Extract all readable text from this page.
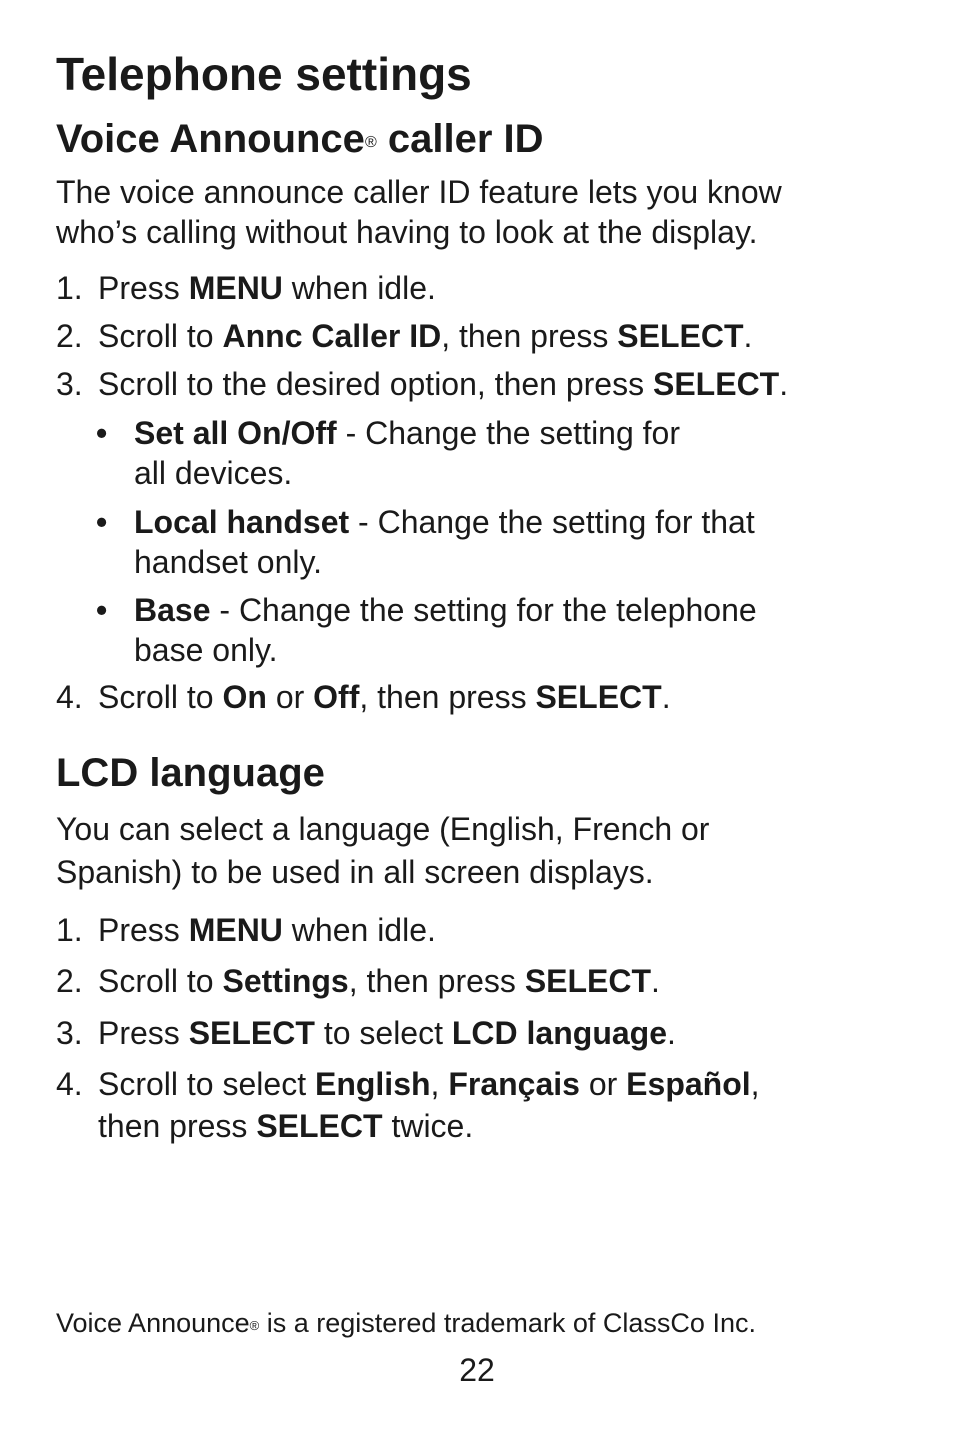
Telephone settings
Voice Announce® caller ID
The voice announce caller ID feature lets you know
who’s calling without having to look at the display.
1. Press MENU when idle.
2. Scroll to Annc Caller ID, then press SELECT.
3. Scroll to the desired option, then press SELECT.
• Set all On/Off - Change the setting for
all devices.
• Local handset - Change the setting for that
handset only.
• Base - Change the setting for the telephone
base only.
4. Scroll to On or Off, then press SELECT.
LCD language
You can select a language (English, French or
Spanish) to be used in all screen displays.
1. Press MENU when idle.
2. Scroll to Settings, then press SELECT.
3. Press SELECT to select LCD language.
4. Scroll to select English, Français or Español,
then press SELECT twice.
Voice Announce® is a registered trademark of ClassCo Inc.
22
